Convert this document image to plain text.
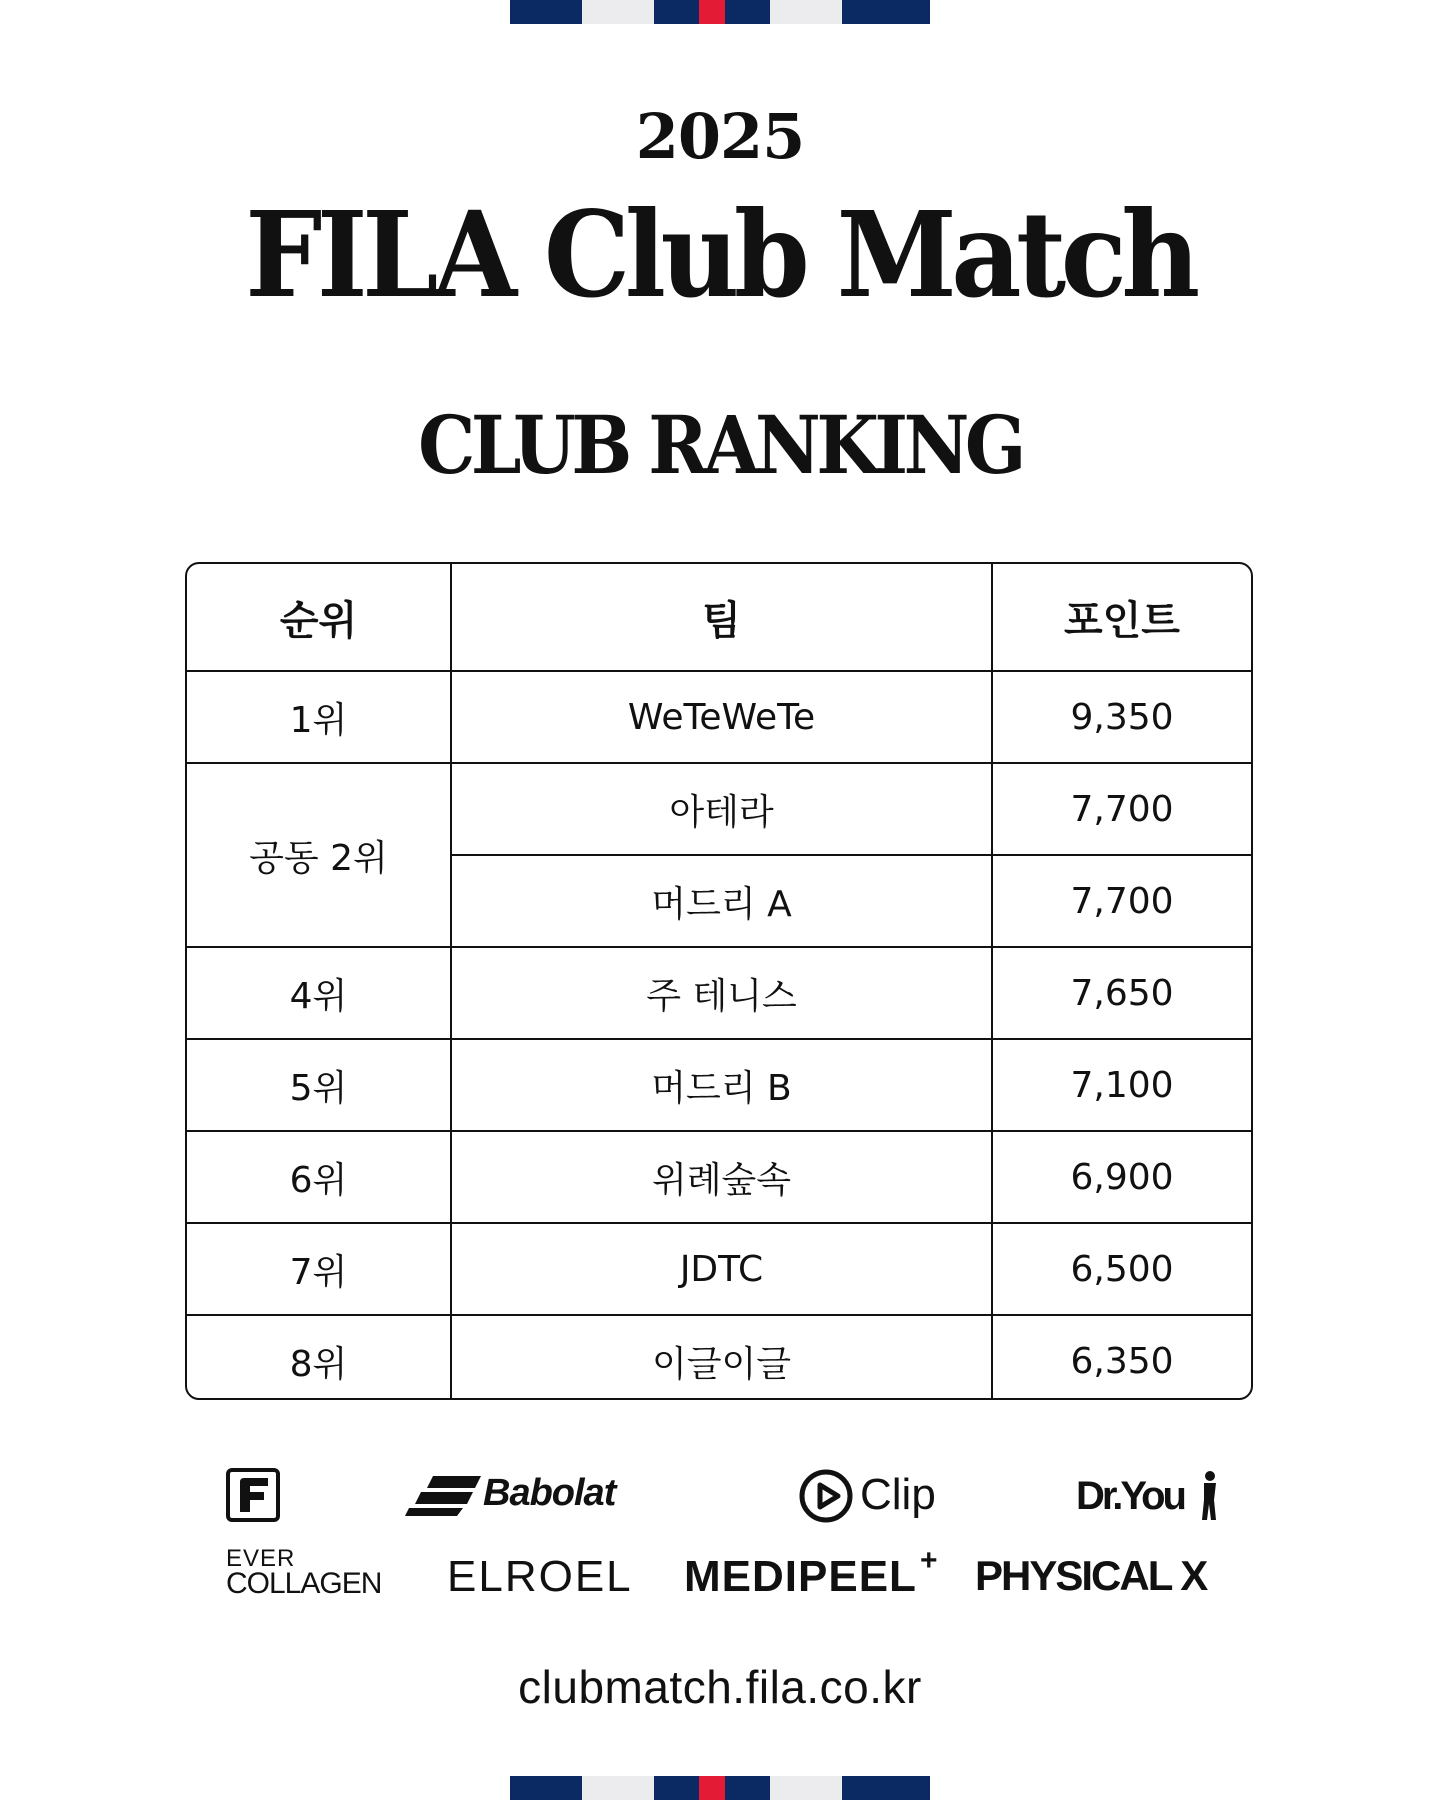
2025
FILA Club Match
CLUB RANKING
순위	팀	포인트
1위	WeTeWeTe	9,350
공동 2위	아테라	7,700
	머드리 A	7,700
4위	주 테니스	7,650
5위	머드리 B	7,100
6위	위례숲속	6,900
7위	JDTC	6,500
8위	이글이글	6,350
Babolat	Clip	Dr.You
EVER
COLLAGEN ELROEL MEDIPEEL + PHYSICAL X
clubmatch.fila.co.kr
